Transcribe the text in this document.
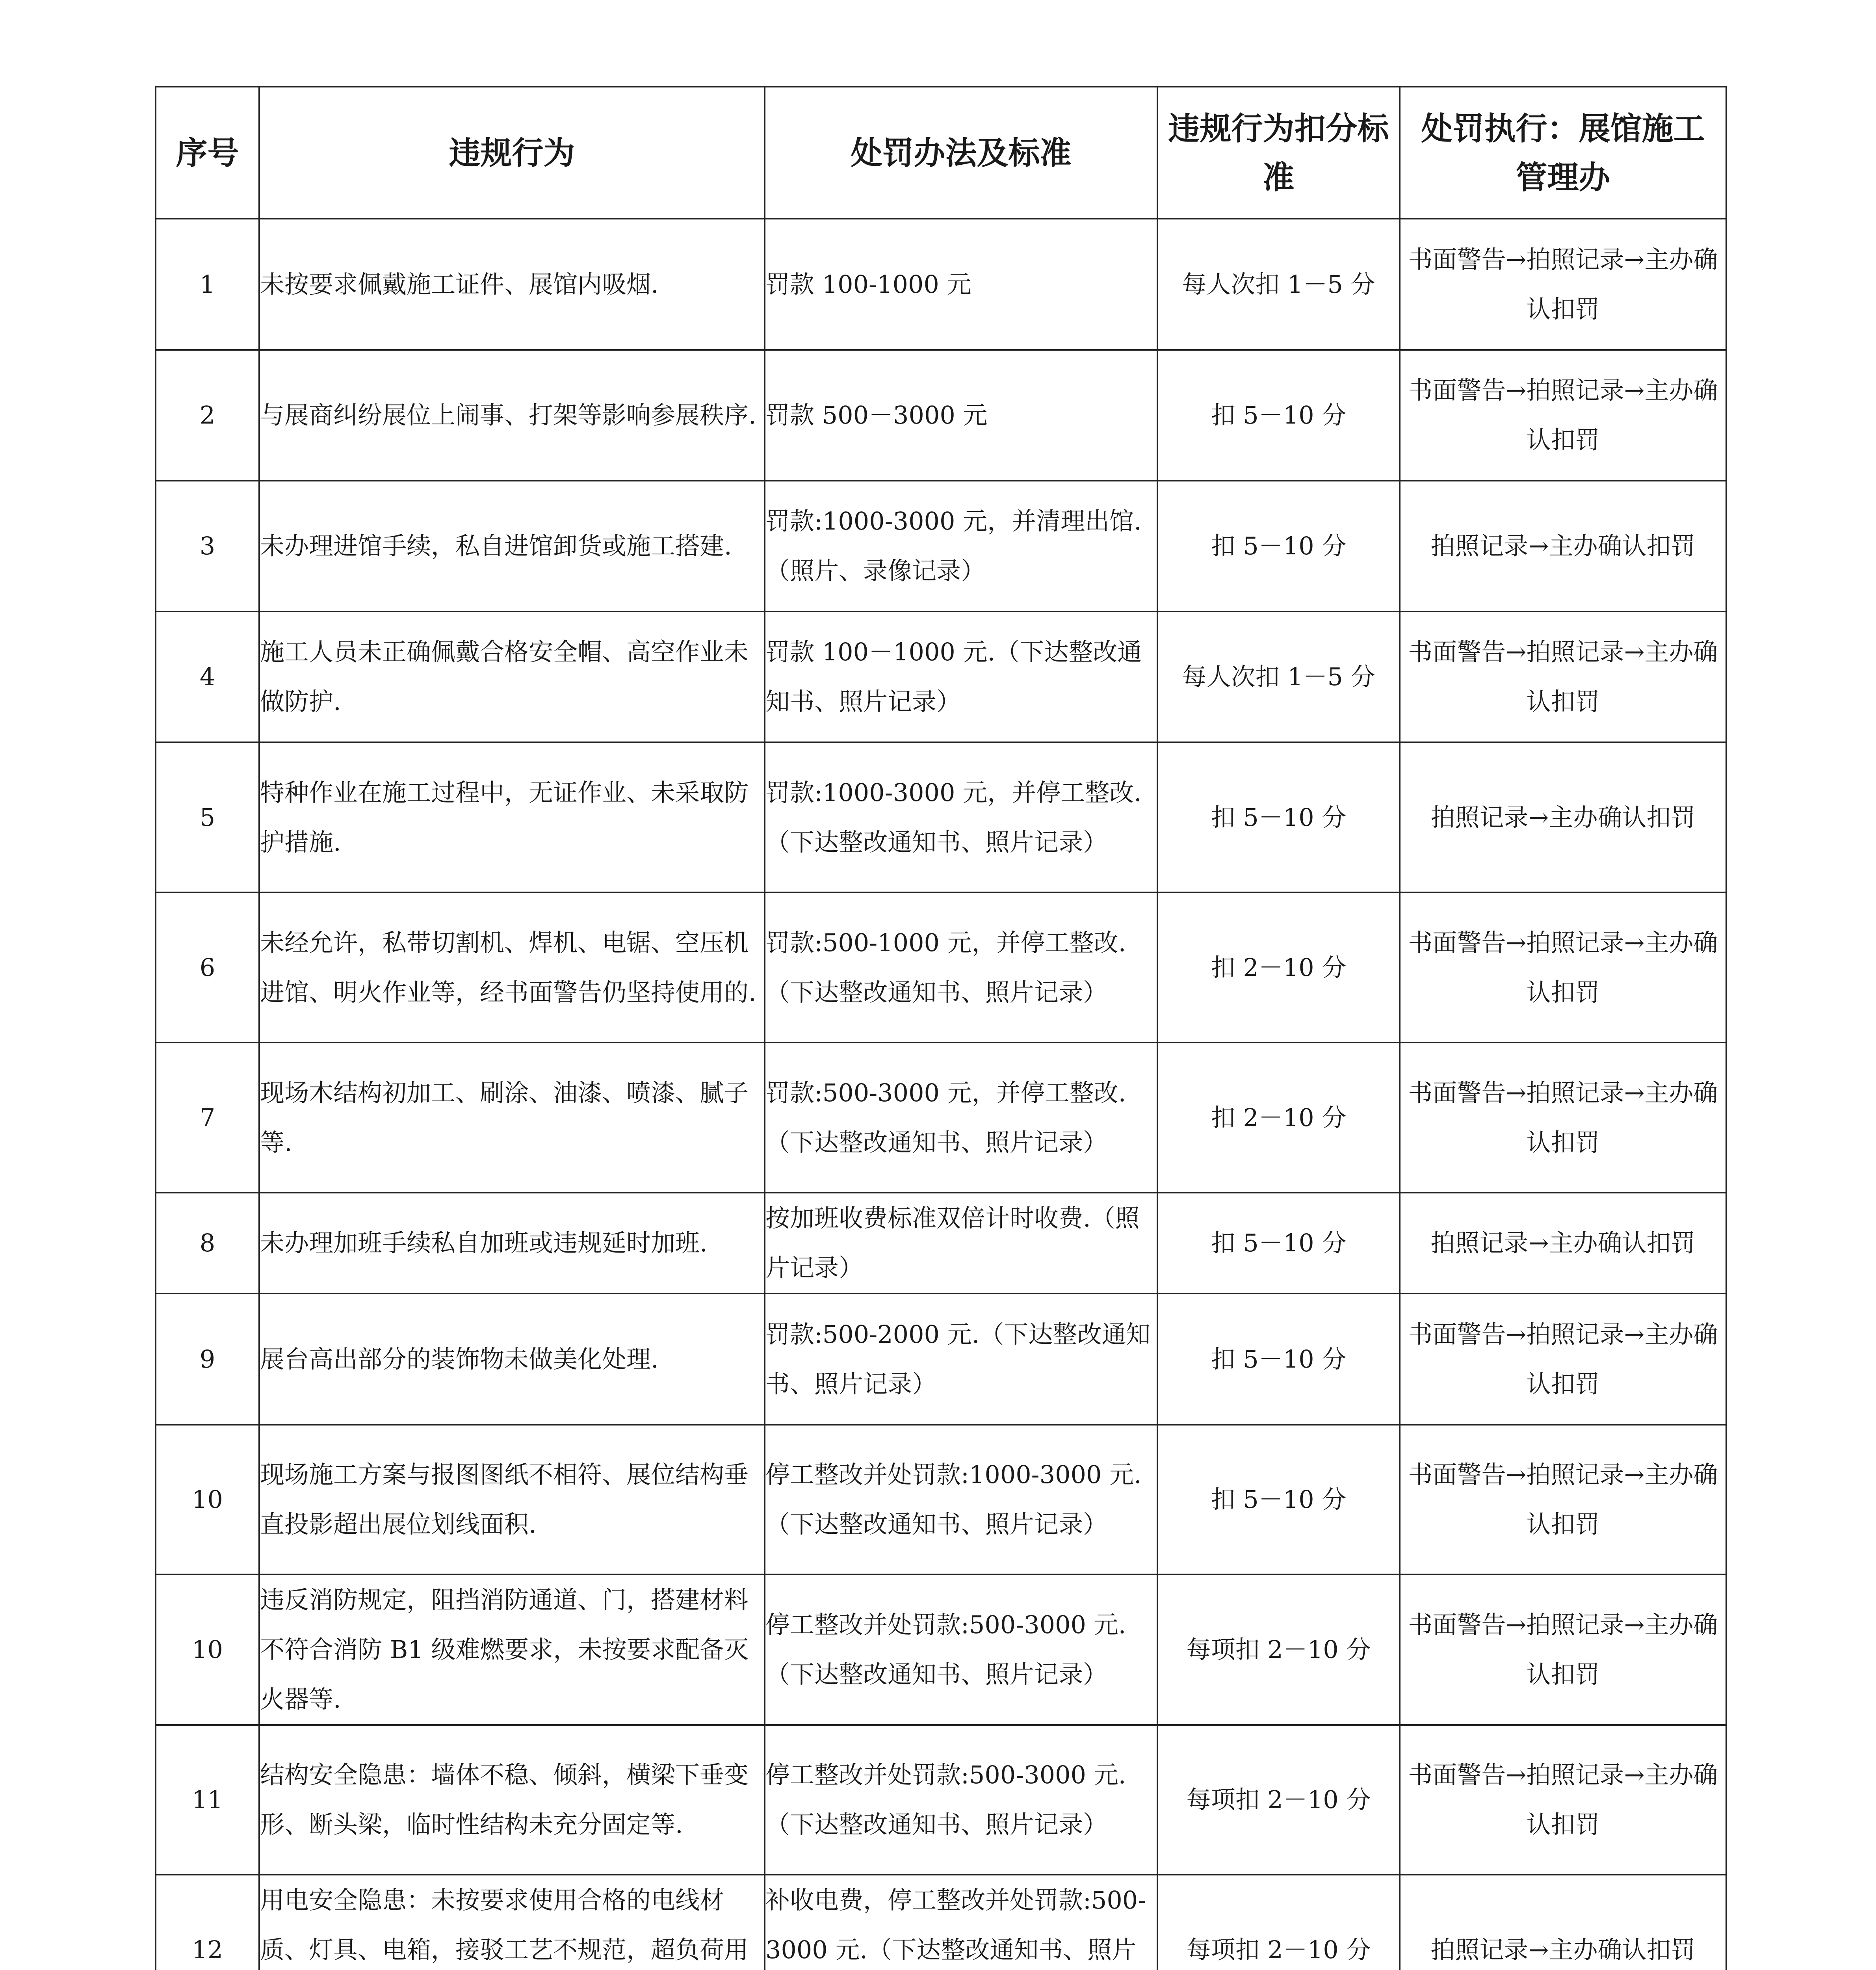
序号	违规行为	处罚办法及标准	违规行为扣分标准	处罚执行：展馆施工管理办
1	未按要求佩戴施工证件、展馆内吸烟.	罚款 100-1000 元	每人次扣 1－5 分	书面警告→拍照记录→主办确认扣罚
2	与展商纠纷展位上闹事、打架等影响参展秩序.	罚款 500－3000 元	扣 5－10 分	书面警告→拍照记录→主办确认扣罚
3	未办理进馆手续，私自进馆卸货或施工搭建.	罚款:1000-3000 元，并清理出馆.（照片、录像记录）	扣 5－10 分	拍照记录→主办确认扣罚
4	施工人员未正确佩戴合格安全帽、高空作业未做防护.	罚款 100－1000 元.（下达整改通知书、照片记录）	每人次扣 1－5 分	书面警告→拍照记录→主办确认扣罚
5	特种作业在施工过程中，无证作业、未采取防护措施.	罚款:1000-3000 元，并停工整改.（下达整改通知书、照片记录）	扣 5－10 分	拍照记录→主办确认扣罚
6	未经允许，私带切割机、焊机、电锯、空压机进馆、明火作业等，经书面警告仍坚持使用的.	罚款:500-1000 元，并停工整改.（下达整改通知书、照片记录）	扣 2－10 分	书面警告→拍照记录→主办确认扣罚
7	现场木结构初加工、刷涂、油漆、喷漆、腻子等.	罚款:500-3000 元，并停工整改.（下达整改通知书、照片记录）	扣 2－10 分	书面警告→拍照记录→主办确认扣罚
8	未办理加班手续私自加班或违规延时加班.	按加班收费标准双倍计时收费.（照片记录）	扣 5－10 分	拍照记录→主办确认扣罚
9	展台高出部分的装饰物未做美化处理.	罚款:500-2000 元.（下达整改通知书、照片记录）	扣 5－10 分	书面警告→拍照记录→主办确认扣罚
10	现场施工方案与报图图纸不相符、展位结构垂直投影超出展位划线面积.	停工整改并处罚款:1000-3000 元.（下达整改通知书、照片记录）	扣 5－10 分	书面警告→拍照记录→主办确认扣罚
10	违反消防规定，阻挡消防通道、门，搭建材料不符合消防 B1 级难燃要求，未按要求配备灭火器等.	停工整改并处罚款:500-3000 元.（下达整改通知书、照片记录）	每项扣 2－10 分	书面警告→拍照记录→主办确认扣罚
11	结构安全隐患：墙体不稳、倾斜，横梁下垂变形、断头梁，临时性结构未充分固定等.	停工整改并处罚款:500-3000 元.（下达整改通知书、照片记录）	每项扣 2－10 分	书面警告→拍照记录→主办确认扣罚
12	用电安全隐患：未按要求使用合格的电线材质、灯具、电箱，接驳工艺不规范，超负荷用	补收电费，停工整改并处罚款:500-3000 元.（下达整改通知书、照片	每项扣 2－10 分	拍照记录→主办确认扣罚
